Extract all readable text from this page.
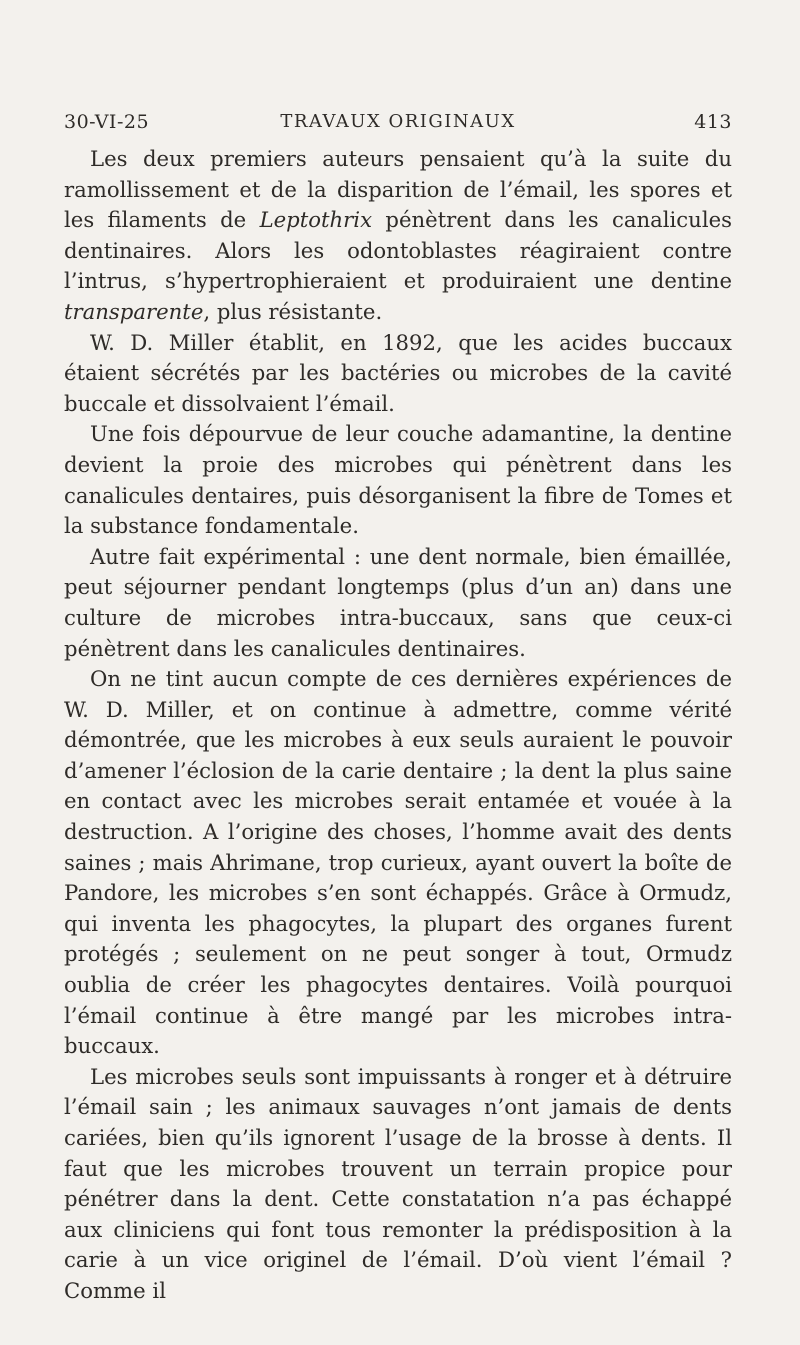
30-VI-25	TRAVAUX ORIGINAUX	413

Les deux premiers auteurs pensaient qu’à la suite du ramollissement et de la disparition de l’émail, les spores et les filaments de Leptothrix pénètrent dans les canalicules dentinaires. Alors les odontoblastes réagiraient contre l’intrus, s’hypertrophieraient et produiraient une dentine transparente, plus résistante.

W. D. Miller établit, en 1892, que les acides buccaux étaient sécrétés par les bactéries ou microbes de la cavité buccale et dissolvaient l’émail.

Une fois dépourvue de leur couche adamantine, la dentine devient la proie des microbes qui pénètrent dans les canalicules dentaires, puis désorganisent la fibre de Tomes et la substance fondamentale.

Autre fait expérimental : une dent normale, bien émaillée, peut séjourner pendant longtemps (plus d’un an) dans une culture de microbes intra-buccaux, sans que ceux-ci pénètrent dans les canalicules dentinaires.

On ne tint aucun compte de ces dernières expériences de W. D. Miller, et on continue à admettre, comme vérité démontrée, que les microbes à eux seuls auraient le pouvoir d’amener l’éclosion de la carie dentaire ; la dent la plus saine en contact avec les microbes serait entamée et vouée à la destruction. A l’origine des choses, l’homme avait des dents saines ; mais Ahrimane, trop curieux, ayant ouvert la boîte de Pandore, les microbes s’en sont échappés. Grâce à Ormudz, qui inventa les phagocytes, la plupart des organes furent protégés ; seulement on ne peut songer à tout, Ormudz oublia de créer les phagocytes dentaires. Voilà pourquoi l’émail continue à être mangé par les microbes intra-buccaux.

Les microbes seuls sont impuissants à ronger et à détruire l’émail sain ; les animaux sauvages n’ont jamais de dents cariées, bien qu’ils ignorent l’usage de la brosse à dents. Il faut que les microbes trouvent un terrain propice pour pénétrer dans la dent. Cette constatation n’a pas échappé aux cliniciens qui font tous remonter la prédisposition à la carie à un vice originel de l’émail. D’où vient l’émail ? Comme il
